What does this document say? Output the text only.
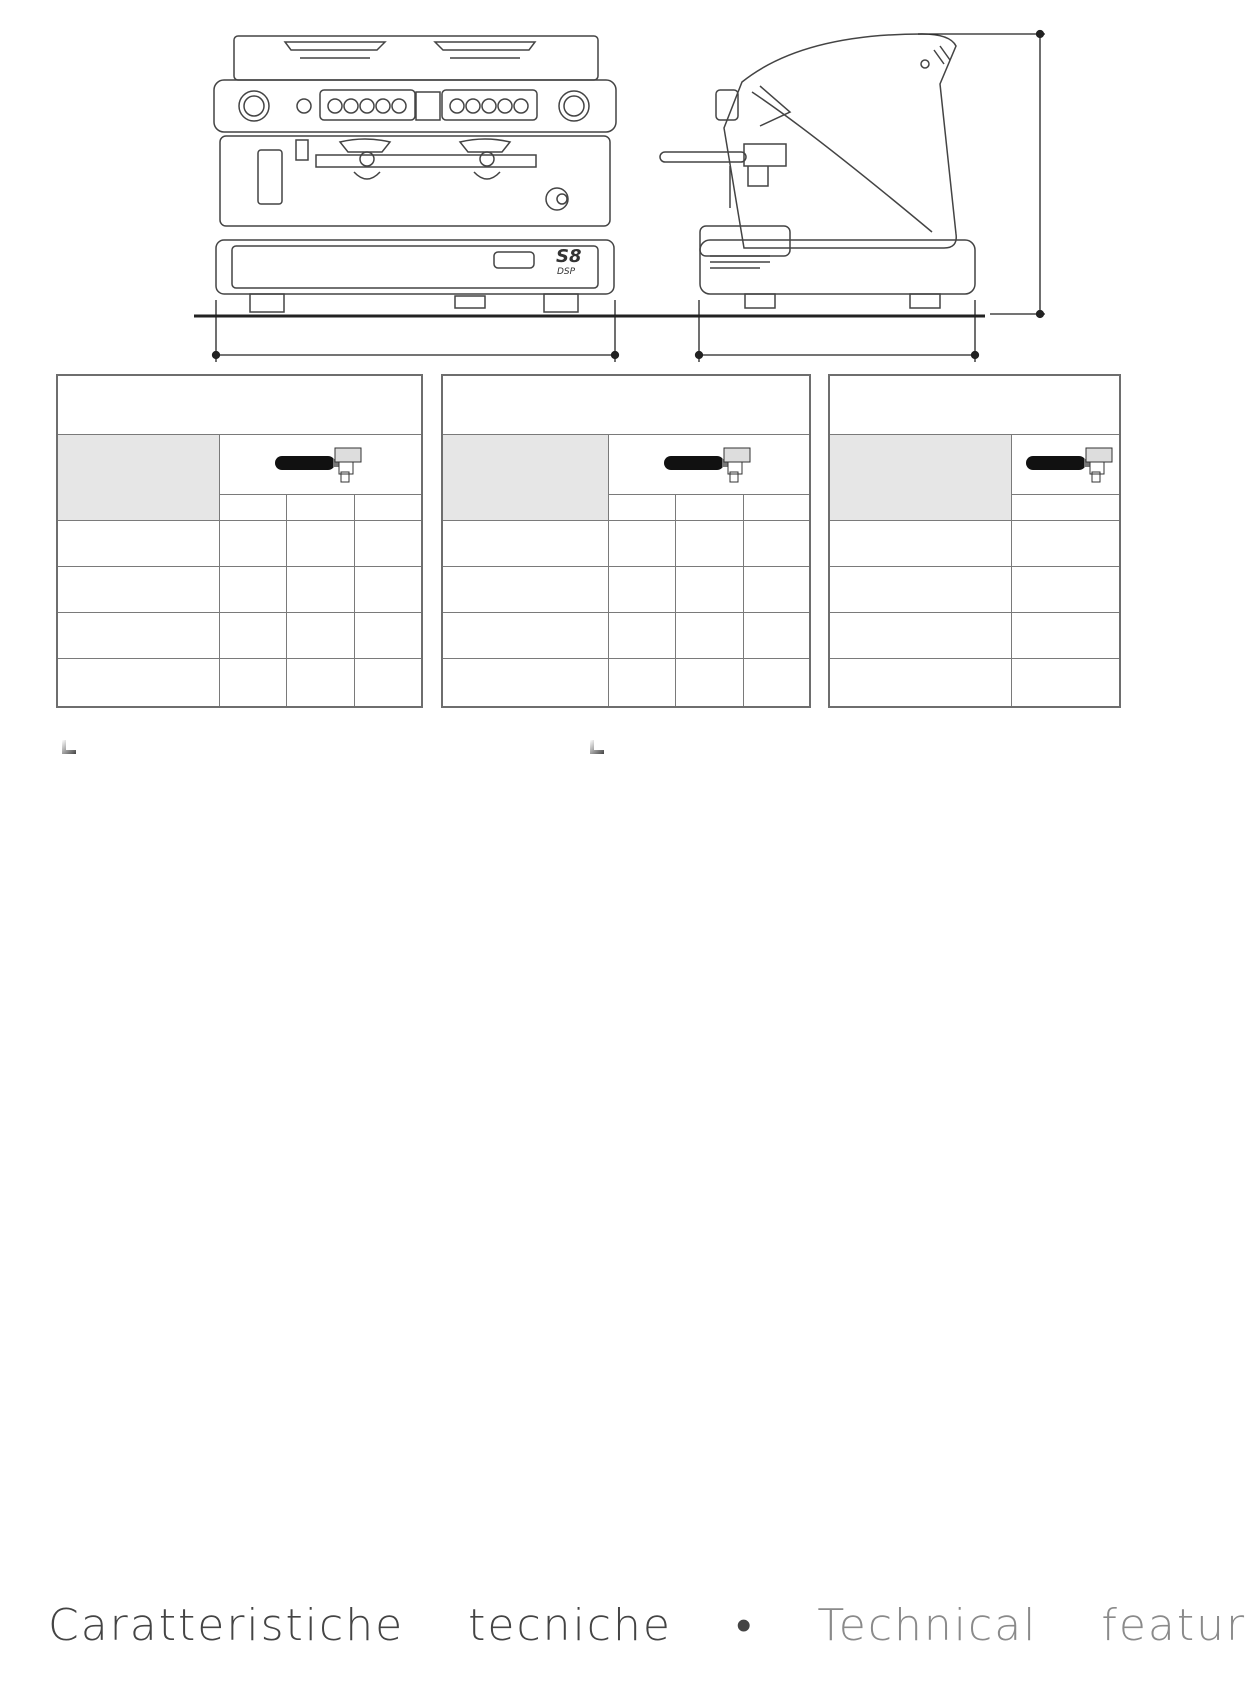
S8
DSP
Caratteristiche tecniche • Technical featur
